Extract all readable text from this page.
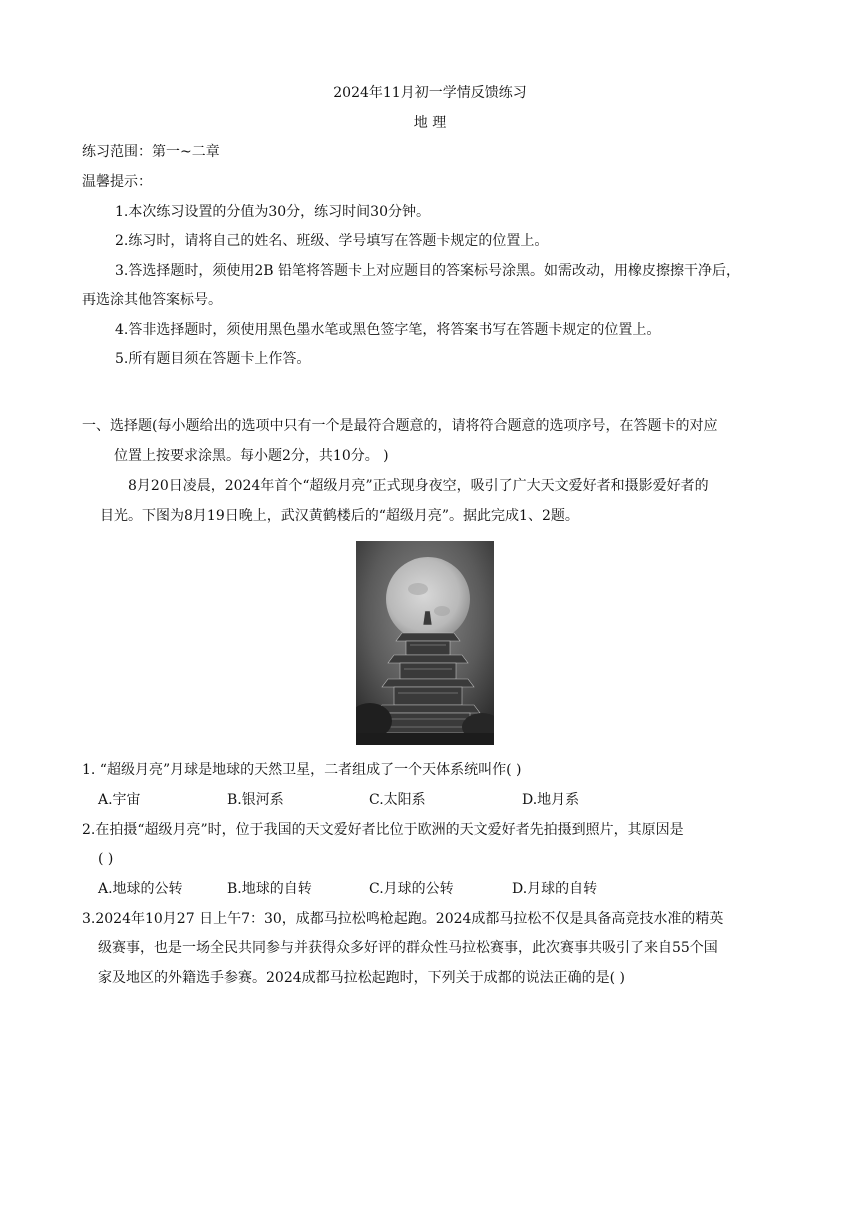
2024年11月初一学情反馈练习
地 理
练习范围：第一~二章
温馨提示：
1.本次练习设置的分值为30分，练习时间30分钟。
2.练习时，请将自己的姓名、班级、学号填写在答题卡规定的位置上。
3.答选择题时，须使用2B 铅笔将答题卡上对应题目的答案标号涂黑。如需改动，用橡皮擦擦干净后，
再选涂其他答案标号。
4.答非选择题时，须使用黑色墨水笔或黑色签字笔，将答案书写在答题卡规定的位置上。
5.所有题目须在答题卡上作答。
一、选择题(每小题给出的选项中只有一个是最符合题意的，请将符合题意的选项序号，在答题卡的对应
位置上按要求涂黑。每小题2分，共10分。 )
8月20日凌晨，2024年首个“超级月亮”正式现身夜空，吸引了广大天文爱好者和摄影爱好者的
目光。下图为8月19日晚上，武汉黄鹤楼后的“超级月亮”。据此完成1、2题。
1. “超级月亮”月球是地球的天然卫星，二者组成了一个天体系统叫作( )
A.宇宙	B.银河系	C.太阳系	D.地月系
2.在拍摄“超级月亮”时，位于我国的天文爱好者比位于欧洲的天文爱好者先拍摄到照片，其原因是
( )
A.地球的公转	B.地球的自转	C.月球的公转	D.月球的自转
3.2024年10月27 日上午7：30，成都马拉松鸣枪起跑。2024成都马拉松不仅是具备高竞技水准的精英
级赛事，也是一场全民共同参与并获得众多好评的群众性马拉松赛事，此次赛事共吸引了来自55个国
家及地区的外籍选手参赛。2024成都马拉松起跑时，下列关于成都的说法正确的是( )
